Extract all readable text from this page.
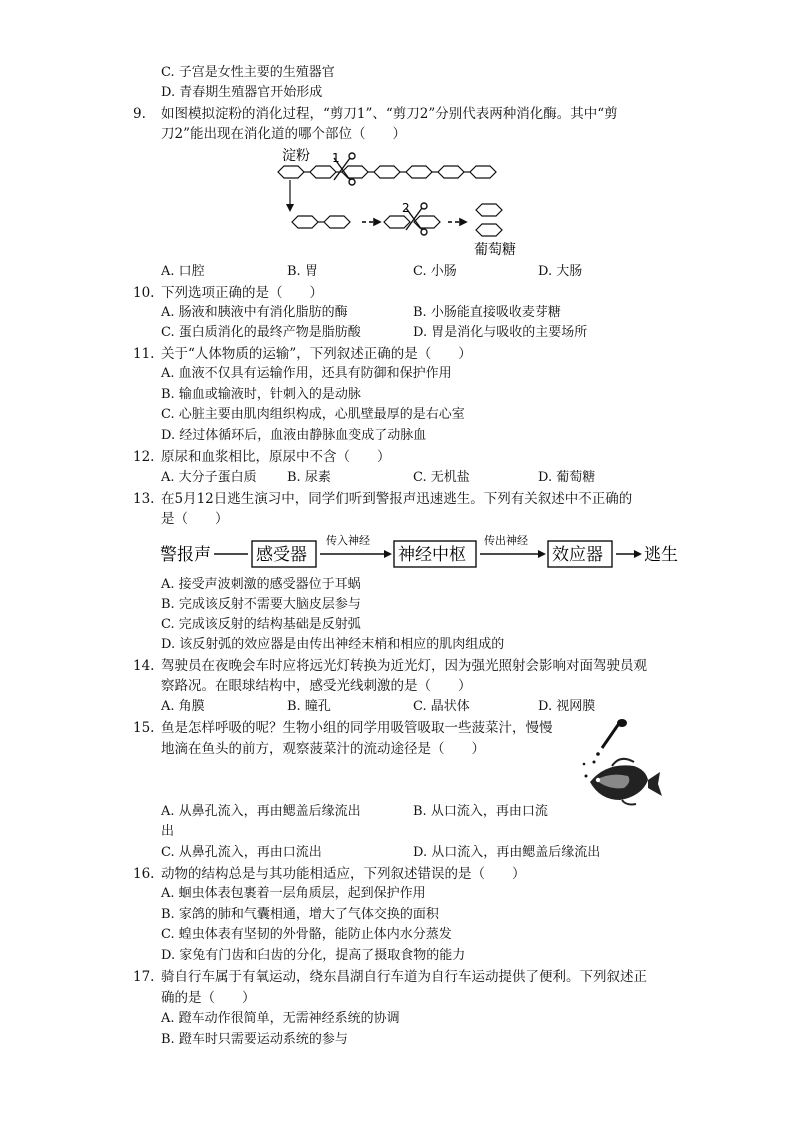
C. 子宫是女性主要的生殖器官
D. 青春期生殖器官开始形成
9. 如图模拟淀粉的消化过程，“剪刀1”、“剪刀2”分别代表两种消化酶。其中“剪
刀2”能出现在消化道的哪个部位（　　）
淀粉 1
2
葡萄糖
A. 口腔	B. 胃	C. 小肠	D. 大肠
10. 下列选项正确的是（　　）
A. 肠液和胰液中有消化脂肪的酶	B. 小肠能直接吸收麦芽糖
C. 蛋白质消化的最终产物是脂肪酸	D. 胃是消化与吸收的主要场所
11. 关于“人体物质的运输”，下列叙述正确的是（　　）
A. 血液不仅具有运输作用，还具有防御和保护作用
B. 输血或输液时，针刺入的是动脉
C. 心脏主要由肌肉组织构成，心肌壁最厚的是右心室
D. 经过体循环后，血液由静脉血变成了动脉血
12. 原尿和血浆相比，原尿中不含（　　）
A. 大分子蛋白质 B. 尿素	C. 无机盐	D. 葡萄糖
13. 在5月12日逃生演习中，同学们听到警报声迅速逃生。下列有关叙述中不正确的
是（　　）
警报声	感受器
传入神经
神经中枢
传出神经
效应器 逃生
A. 接受声波刺激的感受器位于耳蜗
B. 完成该反射不需要大脑皮层参与
C. 完成该反射的结构基础是反射弧
D. 该反射弧的效应器是由传出神经末梢和相应的肌肉组成的
14. 驾驶员在夜晚会车时应将远光灯转换为近光灯，因为强光照射会影响对面驾驶员观
察路况。在眼球结构中，感受光线刺激的是（　　）
A. 角膜	B. 瞳孔	C. 晶状体	D. 视网膜
15. 鱼是怎样呼吸的呢？生物小组的同学用吸管吸取一些菠菜汁，慢慢
地滴在鱼头的前方，观察菠菜汁的流动途径是（　　）
A. 从鼻孔流入，再由鳃盖后缘流出	B. 从口流入，再由口流
出
C. 从鼻孔流入，再由口流出	D. 从口流入，再由鳃盖后缘流出
16. 动物的结构总是与其功能相适应，下列叙述错误的是（　　）
A. 蛔虫体表包裹着一层角质层，起到保护作用
B. 家鸽的肺和气囊相通，增大了气体交换的面积
C. 蝗虫体表有坚韧的外骨骼，能防止体内水分蒸发
D. 家兔有门齿和臼齿的分化，提高了摄取食物的能力
17. 骑自行车属于有氧运动，绕东昌湖自行车道为自行车运动提供了便利。下列叙述正
确的是（　　）
A. 蹬车动作很简单，无需神经系统的协调
B. 蹬车时只需要运动系统的参与
